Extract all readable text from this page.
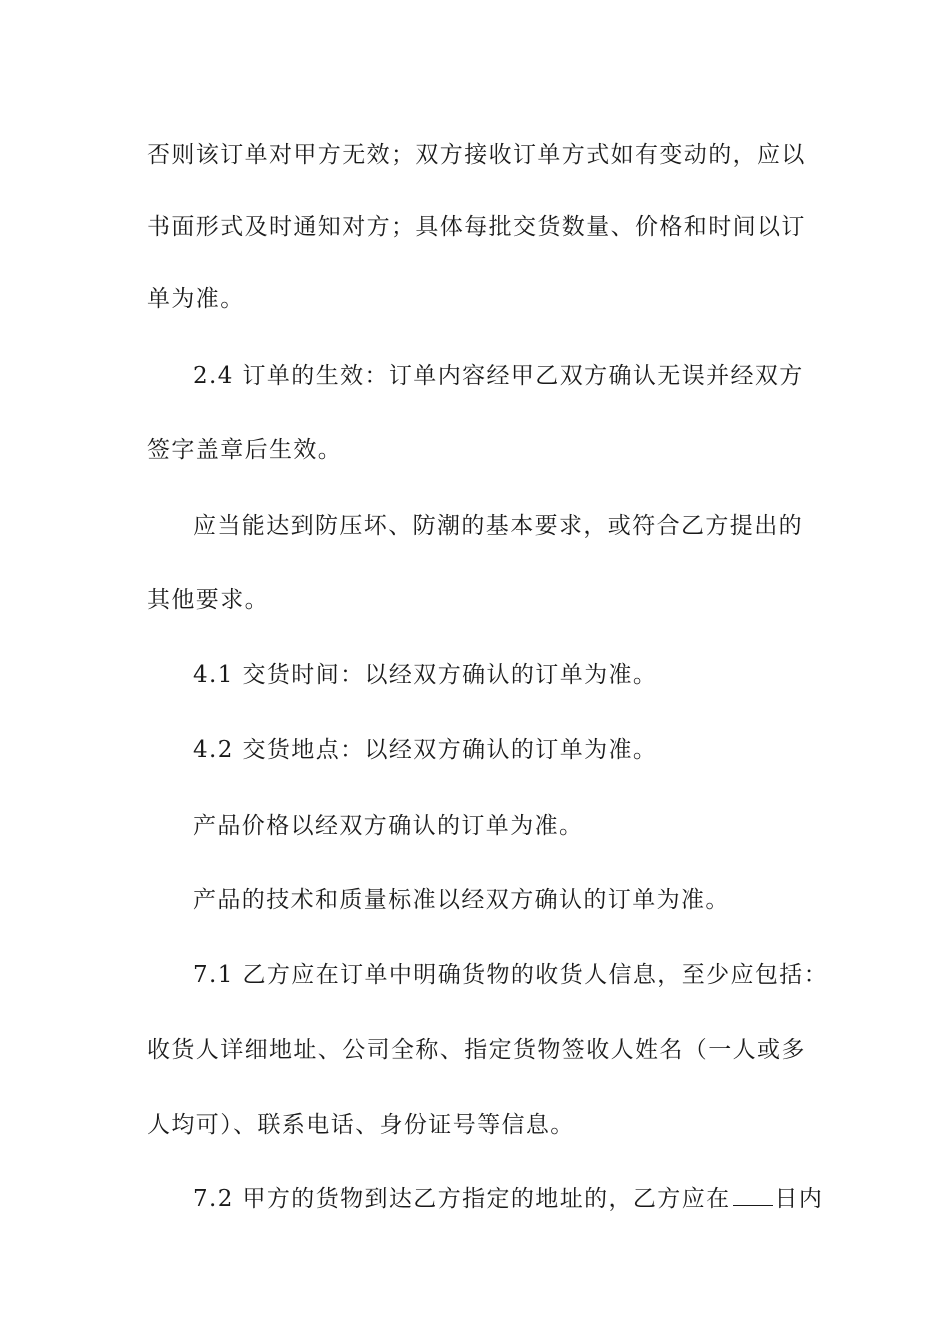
否则该订单对甲方无效；双方接收订单方式如有变动的，应以
书面形式及时通知对方；具体每批交货数量、价格和时间以订
单为准。
2.4 订单的生效：订单内容经甲乙双方确认无误并经双方
签字盖章后生效。
应当能达到防压坏、防潮的基本要求，或符合乙方提出的
其他要求。
4.1 交货时间：以经双方确认的订单为准。
4.2 交货地点：以经双方确认的订单为准。
产品价格以经双方确认的订单为准。
产品的技术和质量标准以经双方确认的订单为准。
7.1 乙方应在订单中明确货物的收货人信息，至少应包括：
收货人详细地址、公司全称、指定货物签收人姓名（一人或多
人均可）、联系电话、身份证号等信息。
7.2 甲方的货物到达乙方指定的地址的，乙方应在 日内
